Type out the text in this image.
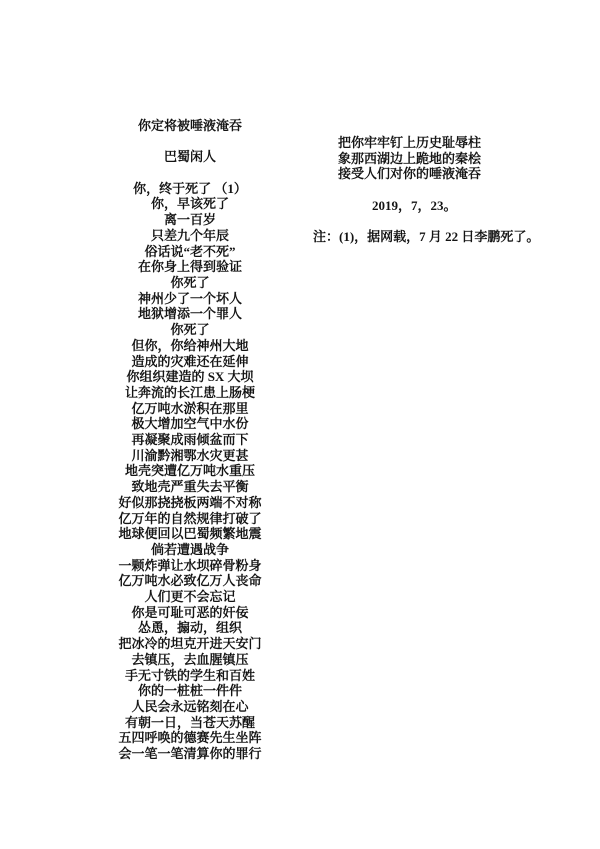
你定将被唾液淹吞
巴蜀闲人
你，终于死了 （1）
你，早该死了
离一百岁
只差九个年辰
俗话说“老不死”
在你身上得到验证
你死了
神州少了一个坏人
地狱增添一个罪人
你死了
但你，你给神州大地
造成的灾难还在延伸
你组织建造的 SX 大坝
让奔流的长江患上肠梗
亿万吨水淤积在那里
极大增加空气中水份
再凝聚成雨倾盆而下
川渝黔湘鄂水灾更甚
地壳突遭亿万吨水重压
致地壳严重失去平衡
好似那挠挠板两端不对称
亿万年的自然规律打破了
地球便回以巴蜀频繁地震
倘若遭遇战争
一颗炸弹让水坝碎骨粉身
亿万吨水必致亿万人丧命
人们更不会忘记
你是可耻可恶的奸佞
怂恿，搧动，组织
把冰冷的坦克开进天安门
去镇压，去血腥镇压
手无寸铁的学生和百姓
你的一桩桩一件件
人民会永远铭刻在心
有朝一日，当苍天苏醒
五四呼唤的德赛先生坐阵
会一笔一笔清算你的罪行
把你牢牢钉上历史耻辱柱
象那西湖边上跪地的秦桧
接受人们对你的唾液淹吞
2019，7，23。
注：(1)，据网载，7 月 22 日李鹏死了。
